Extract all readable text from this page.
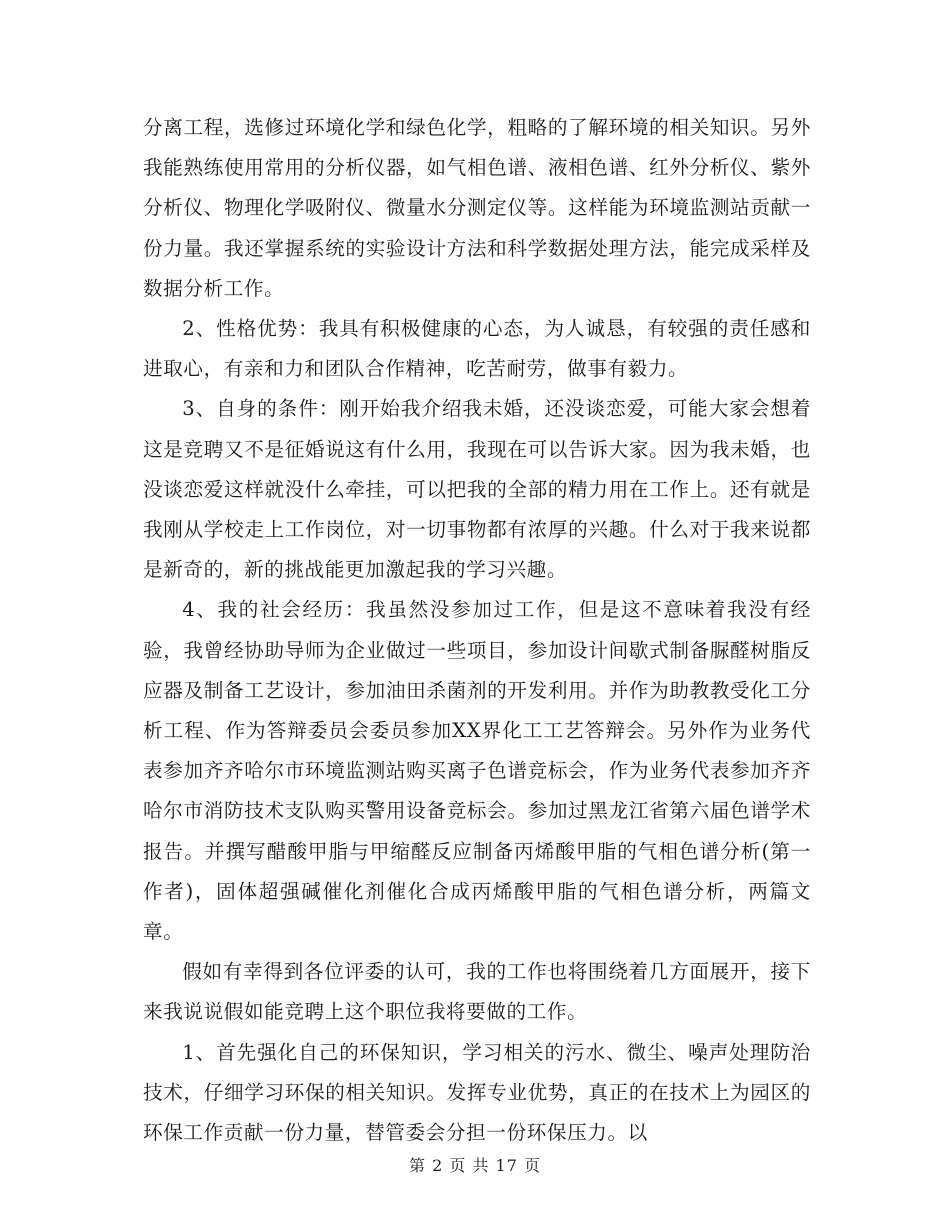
分离工程，选修过环境化学和绿色化学，粗略的了解环境的相关知识。另外我能熟练使用常用的分析仪器，如气相色谱、液相色谱、红外分析仪、紫外分析仪、物理化学吸附仪、微量水分测定仪等。这样能为环境监测站贡献一份力量。我还掌握系统的实验设计方法和科学数据处理方法，能完成采样及数据分析工作。

2、性格优势：我具有积极健康的心态，为人诚恳，有较强的责任感和进取心，有亲和力和团队合作精神，吃苦耐劳，做事有毅力。

3、自身的条件：刚开始我介绍我未婚，还没谈恋爱，可能大家会想着这是竞聘又不是征婚说这有什么用，我现在可以告诉大家。因为我未婚，也没谈恋爱这样就没什么牵挂，可以把我的全部的精力用在工作上。还有就是我刚从学校走上工作岗位，对一切事物都有浓厚的兴趣。什么对于我来说都是新奇的，新的挑战能更加激起我的学习兴趣。

4、我的社会经历：我虽然没参加过工作，但是这不意味着我没有经验，我曾经协助导师为企业做过一些项目，参加设计间歇式制备脲醛树脂反应器及制备工艺设计，参加油田杀菌剂的开发利用。并作为助教教受化工分析工程、作为答辩委员会委员参加XX界化工工艺答辩会。另外作为业务代表参加齐齐哈尔市环境监测站购买离子色谱竞标会，作为业务代表参加齐齐哈尔市消防技术支队购买警用设备竞标会。参加过黑龙江省第六届色谱学术报告。并撰写醋酸甲脂与甲缩醛反应制备丙烯酸甲脂的气相色谱分析(第一作者)，固体超强碱催化剂催化合成丙烯酸甲脂的气相色谱分析，两篇文章。

假如有幸得到各位评委的认可，我的工作也将围绕着几方面展开，接下来我说说假如能竞聘上这个职位我将要做的工作。

1、首先强化自己的环保知识，学习相关的污水、微尘、噪声处理防治技术，仔细学习环保的相关知识。发挥专业优势，真正的在技术上为园区的环保工作贡献一份力量，替管委会分担一份环保压力。以

第 2 页 共 17 页
